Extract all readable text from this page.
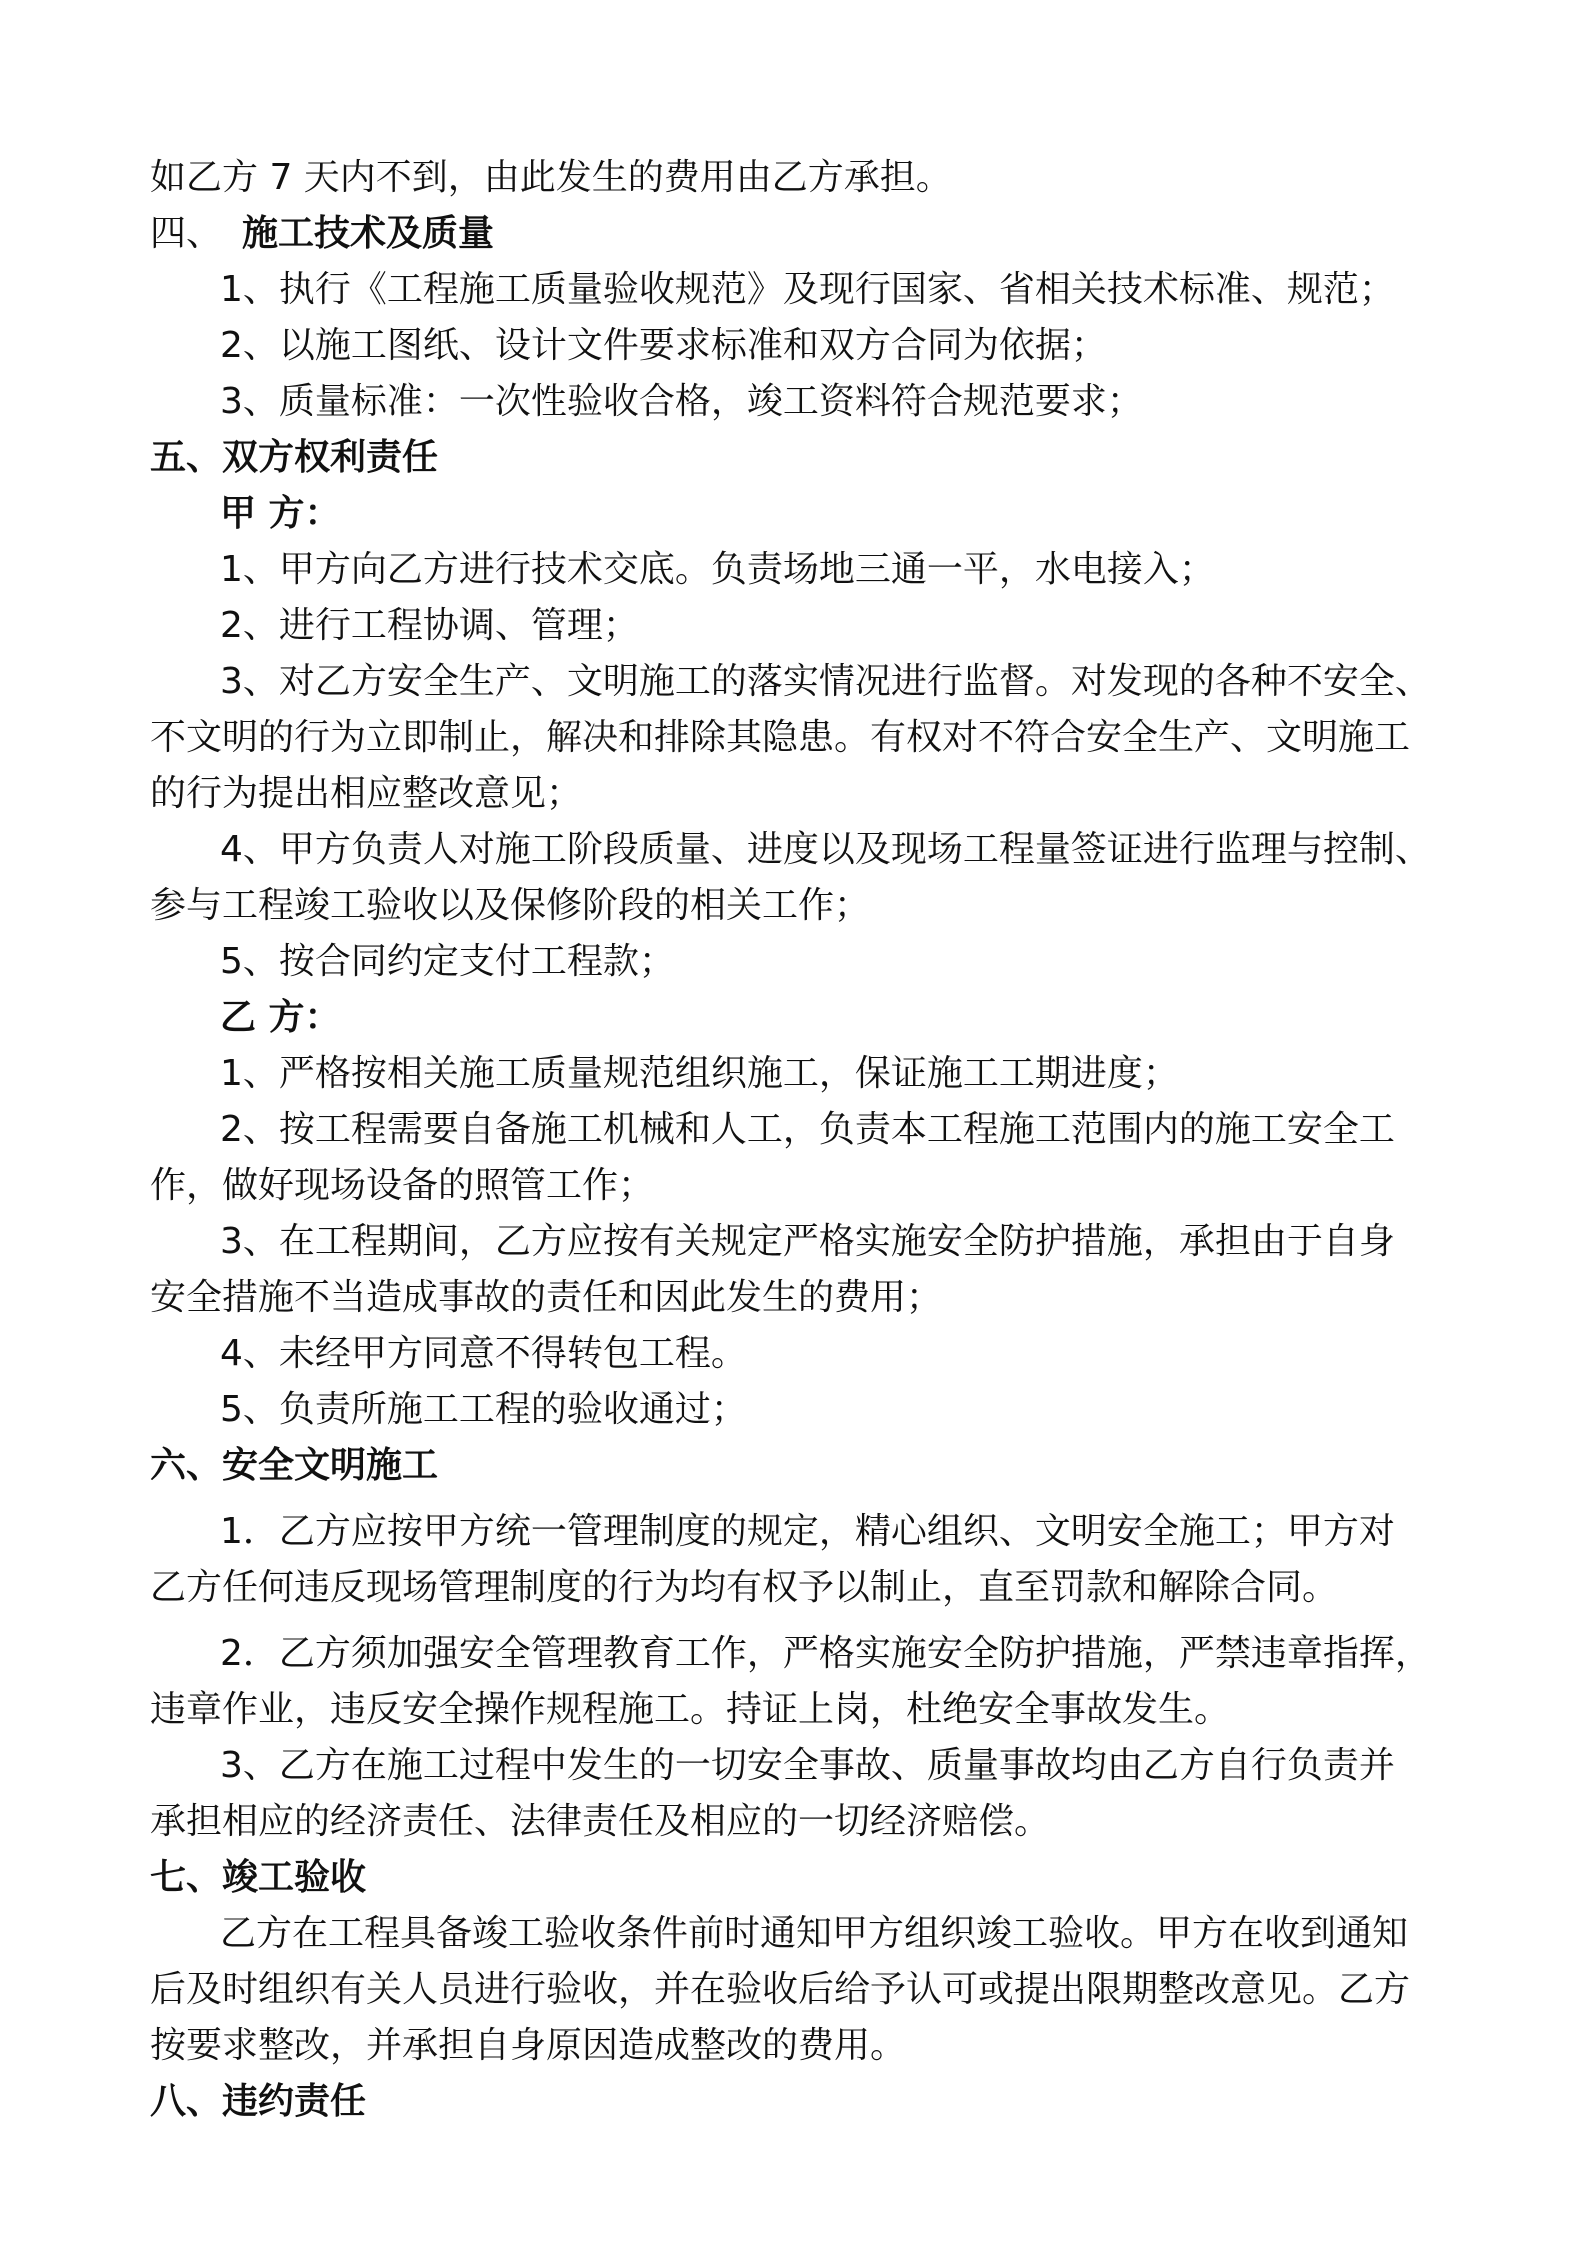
如乙方 7 天内不到，由此发生的费用由乙方承担。
四、 施工技术及质量
1、执行《工程施工质量验收规范》及现行国家、省相关技术标准、规范；
2、以施工图纸、设计文件要求标准和双方合同为依据；
3、质量标准：一次性验收合格，竣工资料符合规范要求；
五、双方权利责任
甲 方：
1、甲方向乙方进行技术交底。负责场地三通一平，水电接入；
2、进行工程协调、管理；
3、对乙方安全生产、文明施工的落实情况进行监督。对发现的各种不安全、
不文明的行为立即制止，解决和排除其隐患。有权对不符合安全生产、文明施工
的行为提出相应整改意见；
4、甲方负责人对施工阶段质量、进度以及现场工程量签证进行监理与控制、
参与工程竣工验收以及保修阶段的相关工作；
5、按合同约定支付工程款；
乙 方：
1、严格按相关施工质量规范组织施工，保证施工工期进度；
2、按工程需要自备施工机械和人工，负责本工程施工范围内的施工安全工
作，做好现场设备的照管工作；
3、在工程期间，乙方应按有关规定严格实施安全防护措施，承担由于自身
安全措施不当造成事故的责任和因此发生的费用；
4、未经甲方同意不得转包工程。
5、负责所施工工程的验收通过；
六、安全文明施工
1．乙方应按甲方统一管理制度的规定，精心组织、文明安全施工；甲方对
乙方任何违反现场管理制度的行为均有权予以制止，直至罚款和解除合同。
2．乙方须加强安全管理教育工作，严格实施安全防护措施，严禁违章指挥，
违章作业，违反安全操作规程施工。持证上岗，杜绝安全事故发生。
3、乙方在施工过程中发生的一切安全事故、质量事故均由乙方自行负责并
承担相应的经济责任、法律责任及相应的一切经济赔偿。
七、竣工验收
乙方在工程具备竣工验收条件前时通知甲方组织竣工验收。甲方在收到通知
后及时组织有关人员进行验收，并在验收后给予认可或提出限期整改意见。乙方
按要求整改，并承担自身原因造成整改的费用。
八、违约责任
